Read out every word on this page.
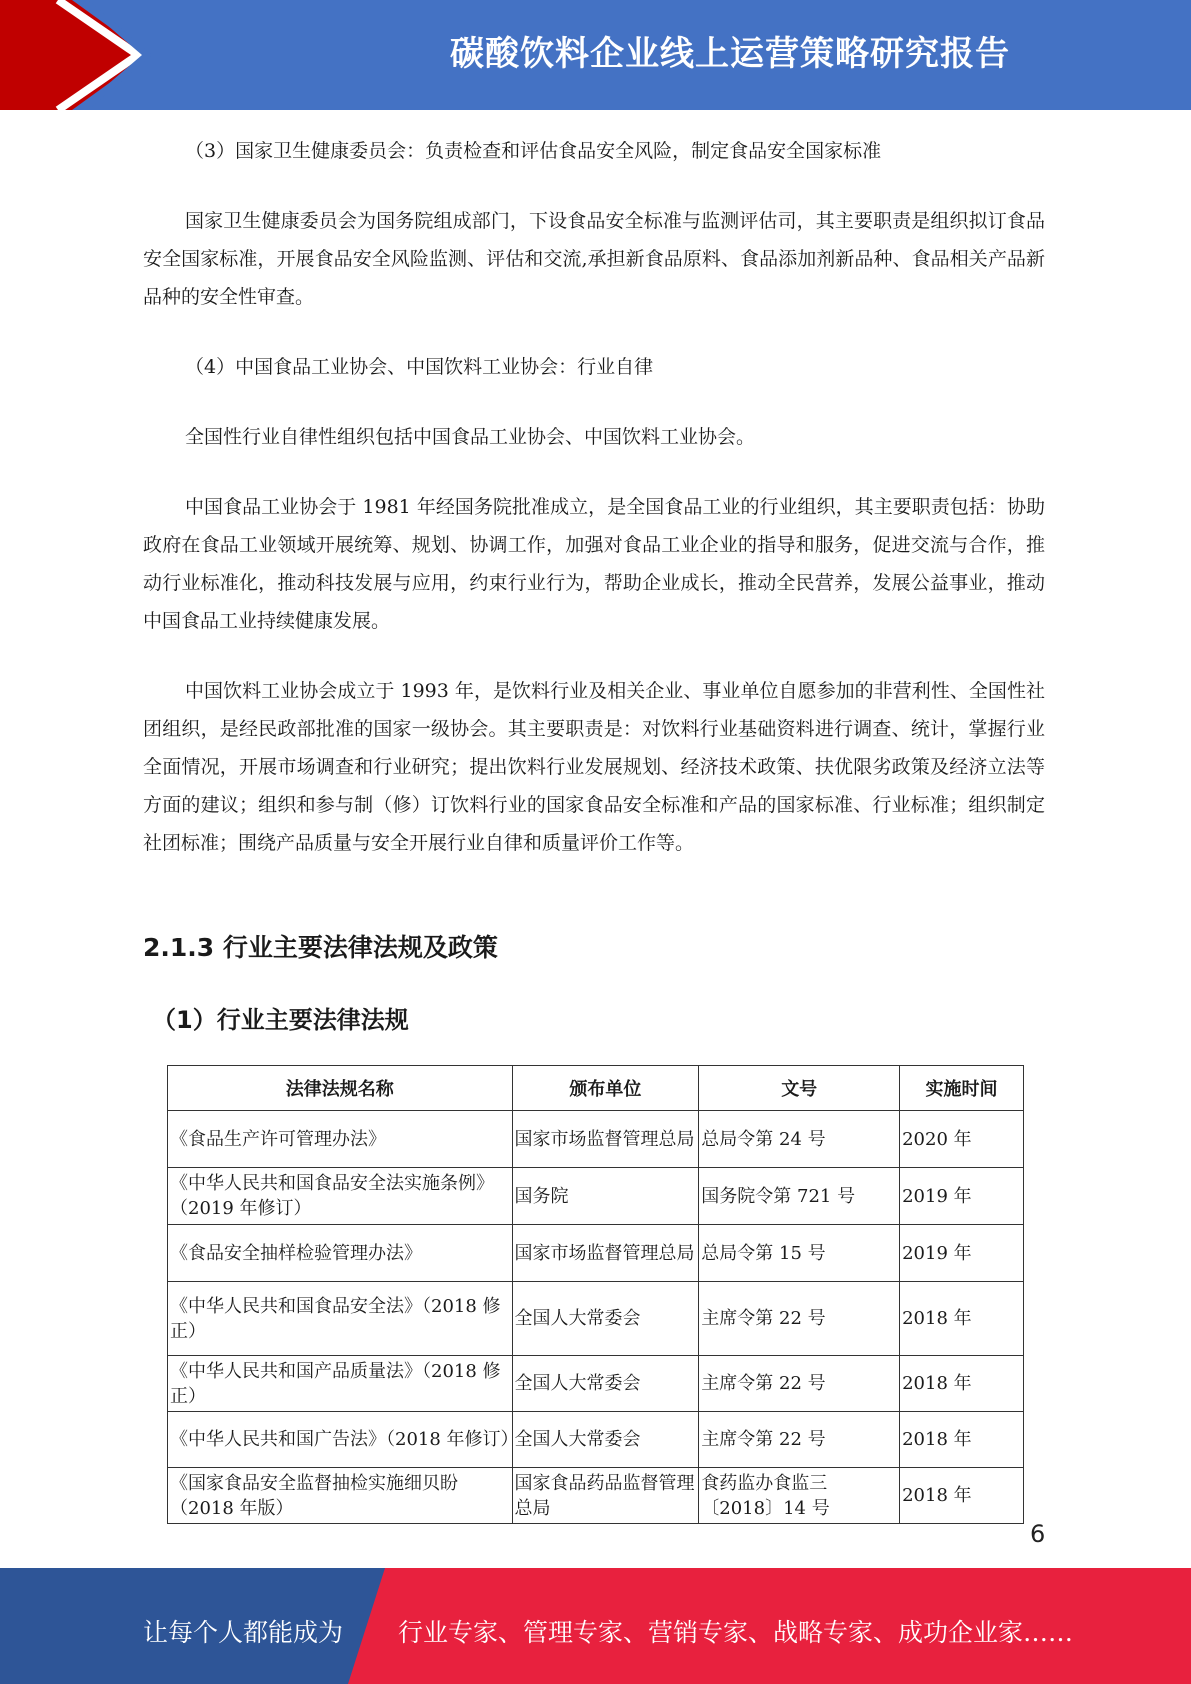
碳酸饮料企业线上运营策略研究报告

（3）国家卫生健康委员会：负责检查和评估食品安全风险，制定食品安全国家标准

国家卫生健康委员会为国务院组成部门，下设食品安全标准与监测评估司，其主要职责是组织拟订食品安全国家标准，开展食品安全风险监测、评估和交流,承担新食品原料、食品添加剂新品种、食品相关产品新品种的安全性审查。

（4）中国食品工业协会、中国饮料工业协会：行业自律

全国性行业自律性组织包括中国食品工业协会、中国饮料工业协会。

中国食品工业协会于 1981 年经国务院批准成立，是全国食品工业的行业组织，其主要职责包括：协助政府在食品工业领域开展统筹、规划、协调工作，加强对食品工业企业的指导和服务，促进交流与合作，推动行业标准化，推动科技发展与应用，约束行业行为，帮助企业成长，推动全民营养，发展公益事业，推动中国食品工业持续健康发展。

中国饮料工业协会成立于 1993 年，是饮料行业及相关企业、事业单位自愿参加的非营利性、全国性社团组织，是经民政部批准的国家一级协会。其主要职责是：对饮料行业基础资料进行调查、统计，掌握行业全面情况，开展市场调查和行业研究；提出饮料行业发展规划、经济技术政策、扶优限劣政策及经济立法等方面的建议；组织和参与制（修）订饮料行业的国家食品安全标准和产品的国家标准、行业标准；组织制定社团标准；围绕产品质量与安全开展行业自律和质量评价工作等。

2.1.3 行业主要法律法规及政策
（1）行业主要法律法规
法律法规名称	颁布单位	文号	实施时间
《食品生产许可管理办法》	国家市场监督管理总局	总局令第 24 号	2020 年
《中华人民共和国食品安全法实施条例》（2019 年修订）	国务院	国务院令第 721 号	2019 年
《食品安全抽样检验管理办法》	国家市场监督管理总局	总局令第 15 号	2019 年
《中华人民共和国食品安全法》（2018 修正）	全国人大常委会	主席令第 22 号	2018 年
《中华人民共和国产品质量法》（2018 修正）	全国人大常委会	主席令第 22 号	2018 年
《中华人民共和国广告法》（2018 年修订）	全国人大常委会	主席令第 22 号	2018 年
《国家食品安全监督抽检实施细贝盼（2018 年版）	国家食品药品监督管理总局	食药监办食监三〔2018〕14 号	2018 年
6
让每个人都能成为 行业专家、管理专家、营销专家、战略专家、成功企业家……
